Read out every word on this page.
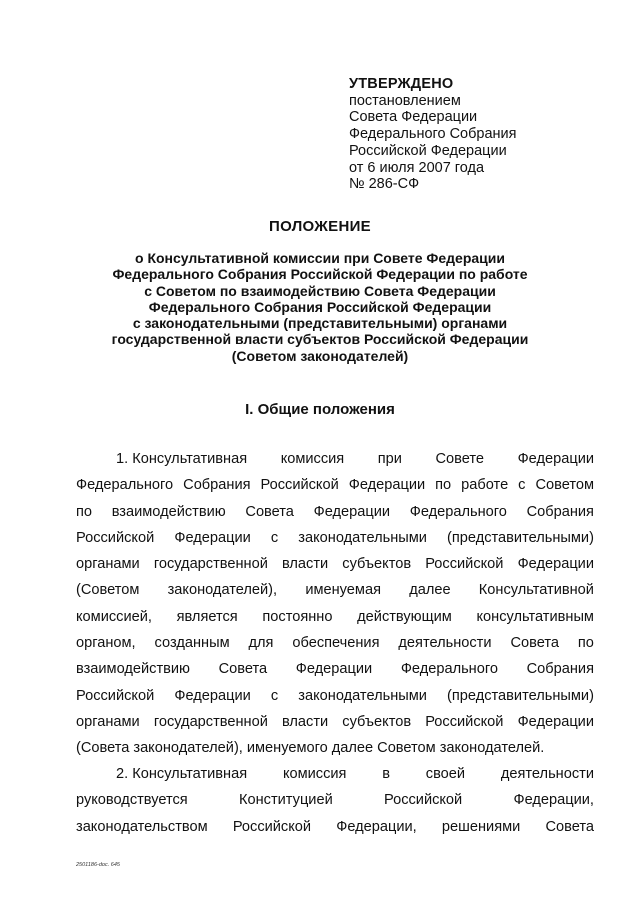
УТВЕРЖДЕНО
постановлением
Совета Федерации
Федерального Собрания
Российской Федерации
от 6 июля 2007 года
№ 286-СФ
ПОЛОЖЕНИЕ
о Консультативной комиссии при Совете Федерации
Федерального Собрания Российской Федерации по работе
с Советом по взаимодействию Совета Федерации
Федерального Собрания Российской Федерации
с законодательными (представительными) органами
государственной власти субъектов Российской Федерации
(Советом законодателей)
I. Общие положения
1. Консультативная комиссия при Совете Федерации
Федерального Собрания Российской Федерации по работе с Советом
по взаимодействию Совета Федерации Федерального Собрания
Российской Федерации с законодательными (представительными)
органами государственной власти субъектов Российской Федерации
(Советом законодателей), именуемая далее Консультативной
комиссией, является постоянно действующим консультативным
органом, созданным для обеспечения деятельности Совета по
взаимодействию Совета Федерации Федерального Собрания
Российской Федерации с законодательными (представительными)
органами государственной власти субъектов Российской Федерации
(Совета законодателей), именуемого далее Советом законодателей.
2. Консультативная комиссия в своей деятельности
руководствуется	Конституцией	Российской	Федерации,
законодательством Российской Федерации, решениями Совета
2501186-doc. 645
